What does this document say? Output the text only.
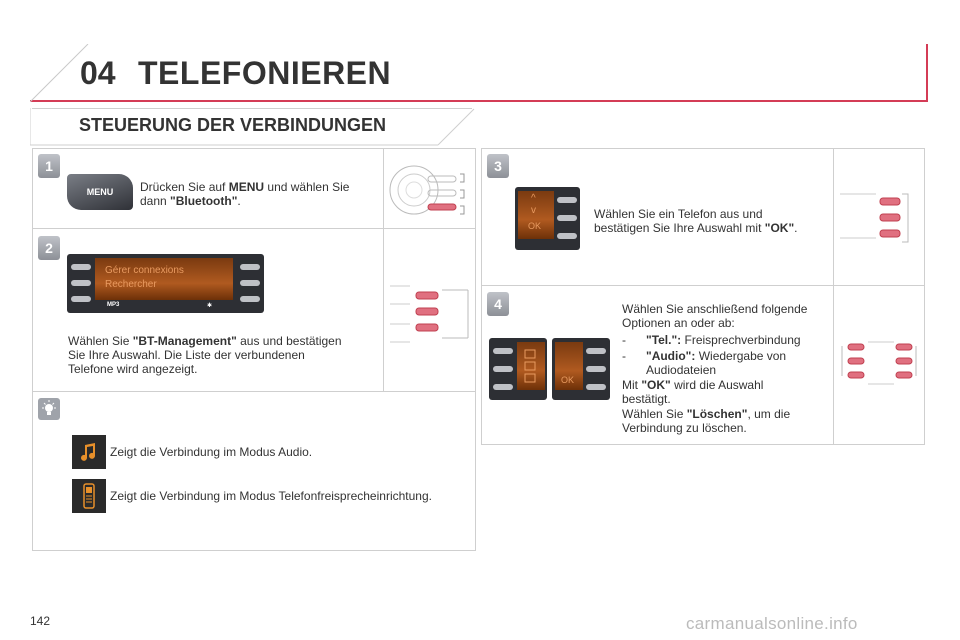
04 TELEFONIEREN
STEUERUNG DER VERBINDUNGEN
1
MENU	Drücken Sie auf MENU und wählen Sie
dann "Bluetooth".
2
Gérer connexions
Rechercher
MP3	✱
Wählen Sie "BT-Management" aus und bestätigen
Sie Ihre Auswahl. Die Liste der verbundenen
Telefone wird angezeigt.
Zeigt die Verbindung im Modus Audio.
Zeigt die Verbindung im Modus Telefonfreisprecheinrichtung.
3
^
v
OK
Wählen Sie ein Telefon aus und
bestätigen Sie Ihre Auswahl mit "OK".
4
OK
Wählen Sie anschließend folgende
Optionen an oder ab:
- "Tel.": Freisprechverbindung
- "Audio": Wiedergabe von
Audiodateien
Mit "OK" wird die Auswahl
bestätigt.
Wählen Sie "Löschen", um die
Verbindung zu löschen.
142	carmanualsonline.info
